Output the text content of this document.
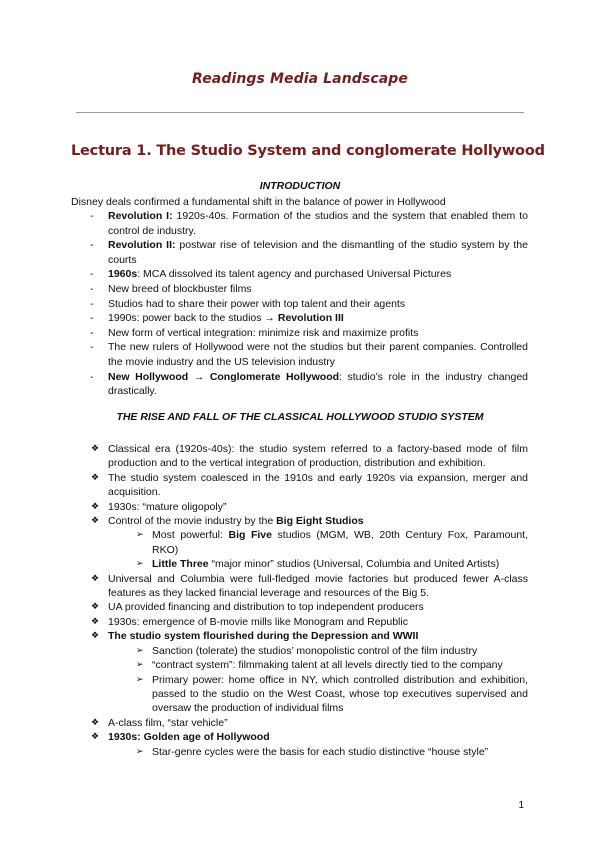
Readings Media Landscape
Lectura 1. The Studio System and conglomerate Hollywood

INTRODUCTION

Disney deals confirmed a fundamental shift in the balance of power in Hollywood

- Revolution I: 1920s-40s. Formation of the studios and the system that enabled them to control de industry.
- Revolution II: postwar rise of television and the dismantling of the studio system by the courts
- 1960s: MCA dissolved its talent agency and purchased Universal Pictures
- New breed of blockbuster films
- Studios had to share their power with top talent and their agents
- 1990s: power back to the studios → Revolution III
- New form of vertical integration: minimize risk and maximize profits
- The new rulers of Hollywood were not the studios but their parent companies. Controlled the movie industry and the US television industry
- New Hollywood → Conglomerate Hollywood: studio’s role in the industry changed drastically.

THE RISE AND FALL OF THE CLASSICAL HOLLYWOOD STUDIO SYSTEM

❖ Classical era (1920s-40s): the studio system referred to a factory-based mode of film production and to the vertical integration of production, distribution and exhibition.
❖ The studio system coalesced in the 1910s and early 1920s via expansion, merger and acquisition.
❖ 1930s: “mature oligopoly”
❖ Control of the movie industry by the Big Eight Studios
➢ Most powerful: Big Five studios (MGM, WB, 20th Century Fox, Paramount, RKO)
➢ Little Three “major minor” studios (Universal, Columbia and United Artists)
❖ Universal and Columbia were full-fledged movie factories but produced fewer A-class features as they lacked financial leverage and resources of the Big 5.
❖ UA provided financing and distribution to top independent producers
❖ 1930s: emergence of B-movie mills like Monogram and Republic
❖ The studio system flourished during the Depression and WWII
➢ Sanction (tolerate) the studios’ monopolistic control of the film industry
➢ “contract system”: filmmaking talent at all levels directly tied to the company
➢ Primary power: home office in NY, which controlled distribution and exhibition, passed to the studio on the West Coast, whose top executives supervised and oversaw the production of individual films
❖ A-class film, “star vehicle”
❖ 1930s: Golden age of Hollywood
➢ Star-genre cycles were the basis for each studio distinctive “house style”

1
